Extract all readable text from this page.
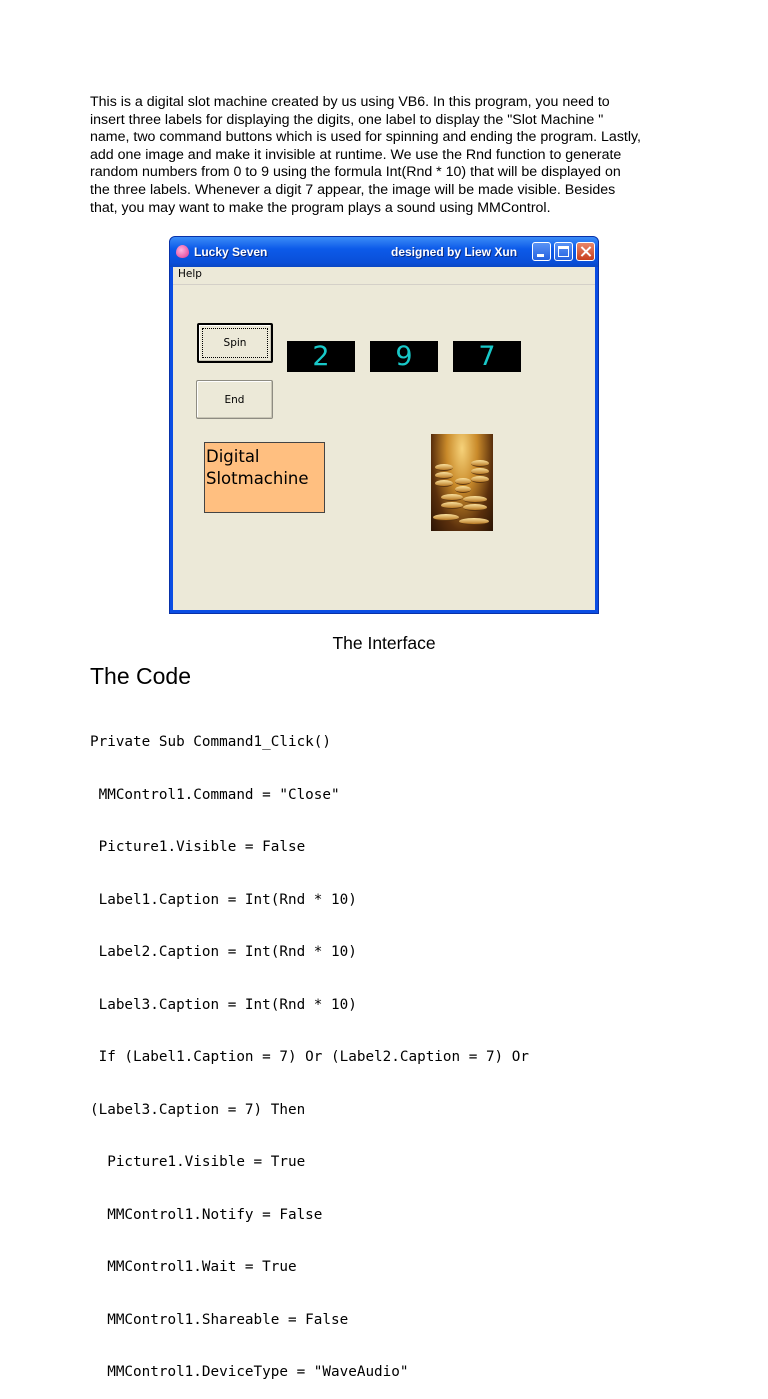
This is a digital slot machine created by us using VB6. In this program, you need to
insert three labels for displaying the digits, one label to display the "Slot Machine "
name, two command buttons which is used for spinning and ending the program. Lastly,
add one image and make it invisible at runtime. We use the Rnd function to generate
random numbers from 0 to 9 using the formula Int(Rnd * 10) that will be displayed on
the three labels. Whenever a digit 7 appear, the image will be made visible. Besides
that, you may want to make the program plays a sound using MMControl.

Lucky Seven	designed by Liew Xun
Help
Spin
End
2	9	7
Digital
Slotmachine
The Interface
The Code

Private Sub Command1_Click()

MMControl1.Command = "Close"

Picture1.Visible = False

Label1.Caption = Int(Rnd * 10)

Label2.Caption = Int(Rnd * 10)

Label3.Caption = Int(Rnd * 10)

If (Label1.Caption = 7) Or (Label2.Caption = 7) Or

(Label3.Caption = 7) Then

Picture1.Visible = True

MMControl1.Notify = False

MMControl1.Wait = True

MMControl1.Shareable = False

MMControl1.DeviceType = "WaveAudio"
